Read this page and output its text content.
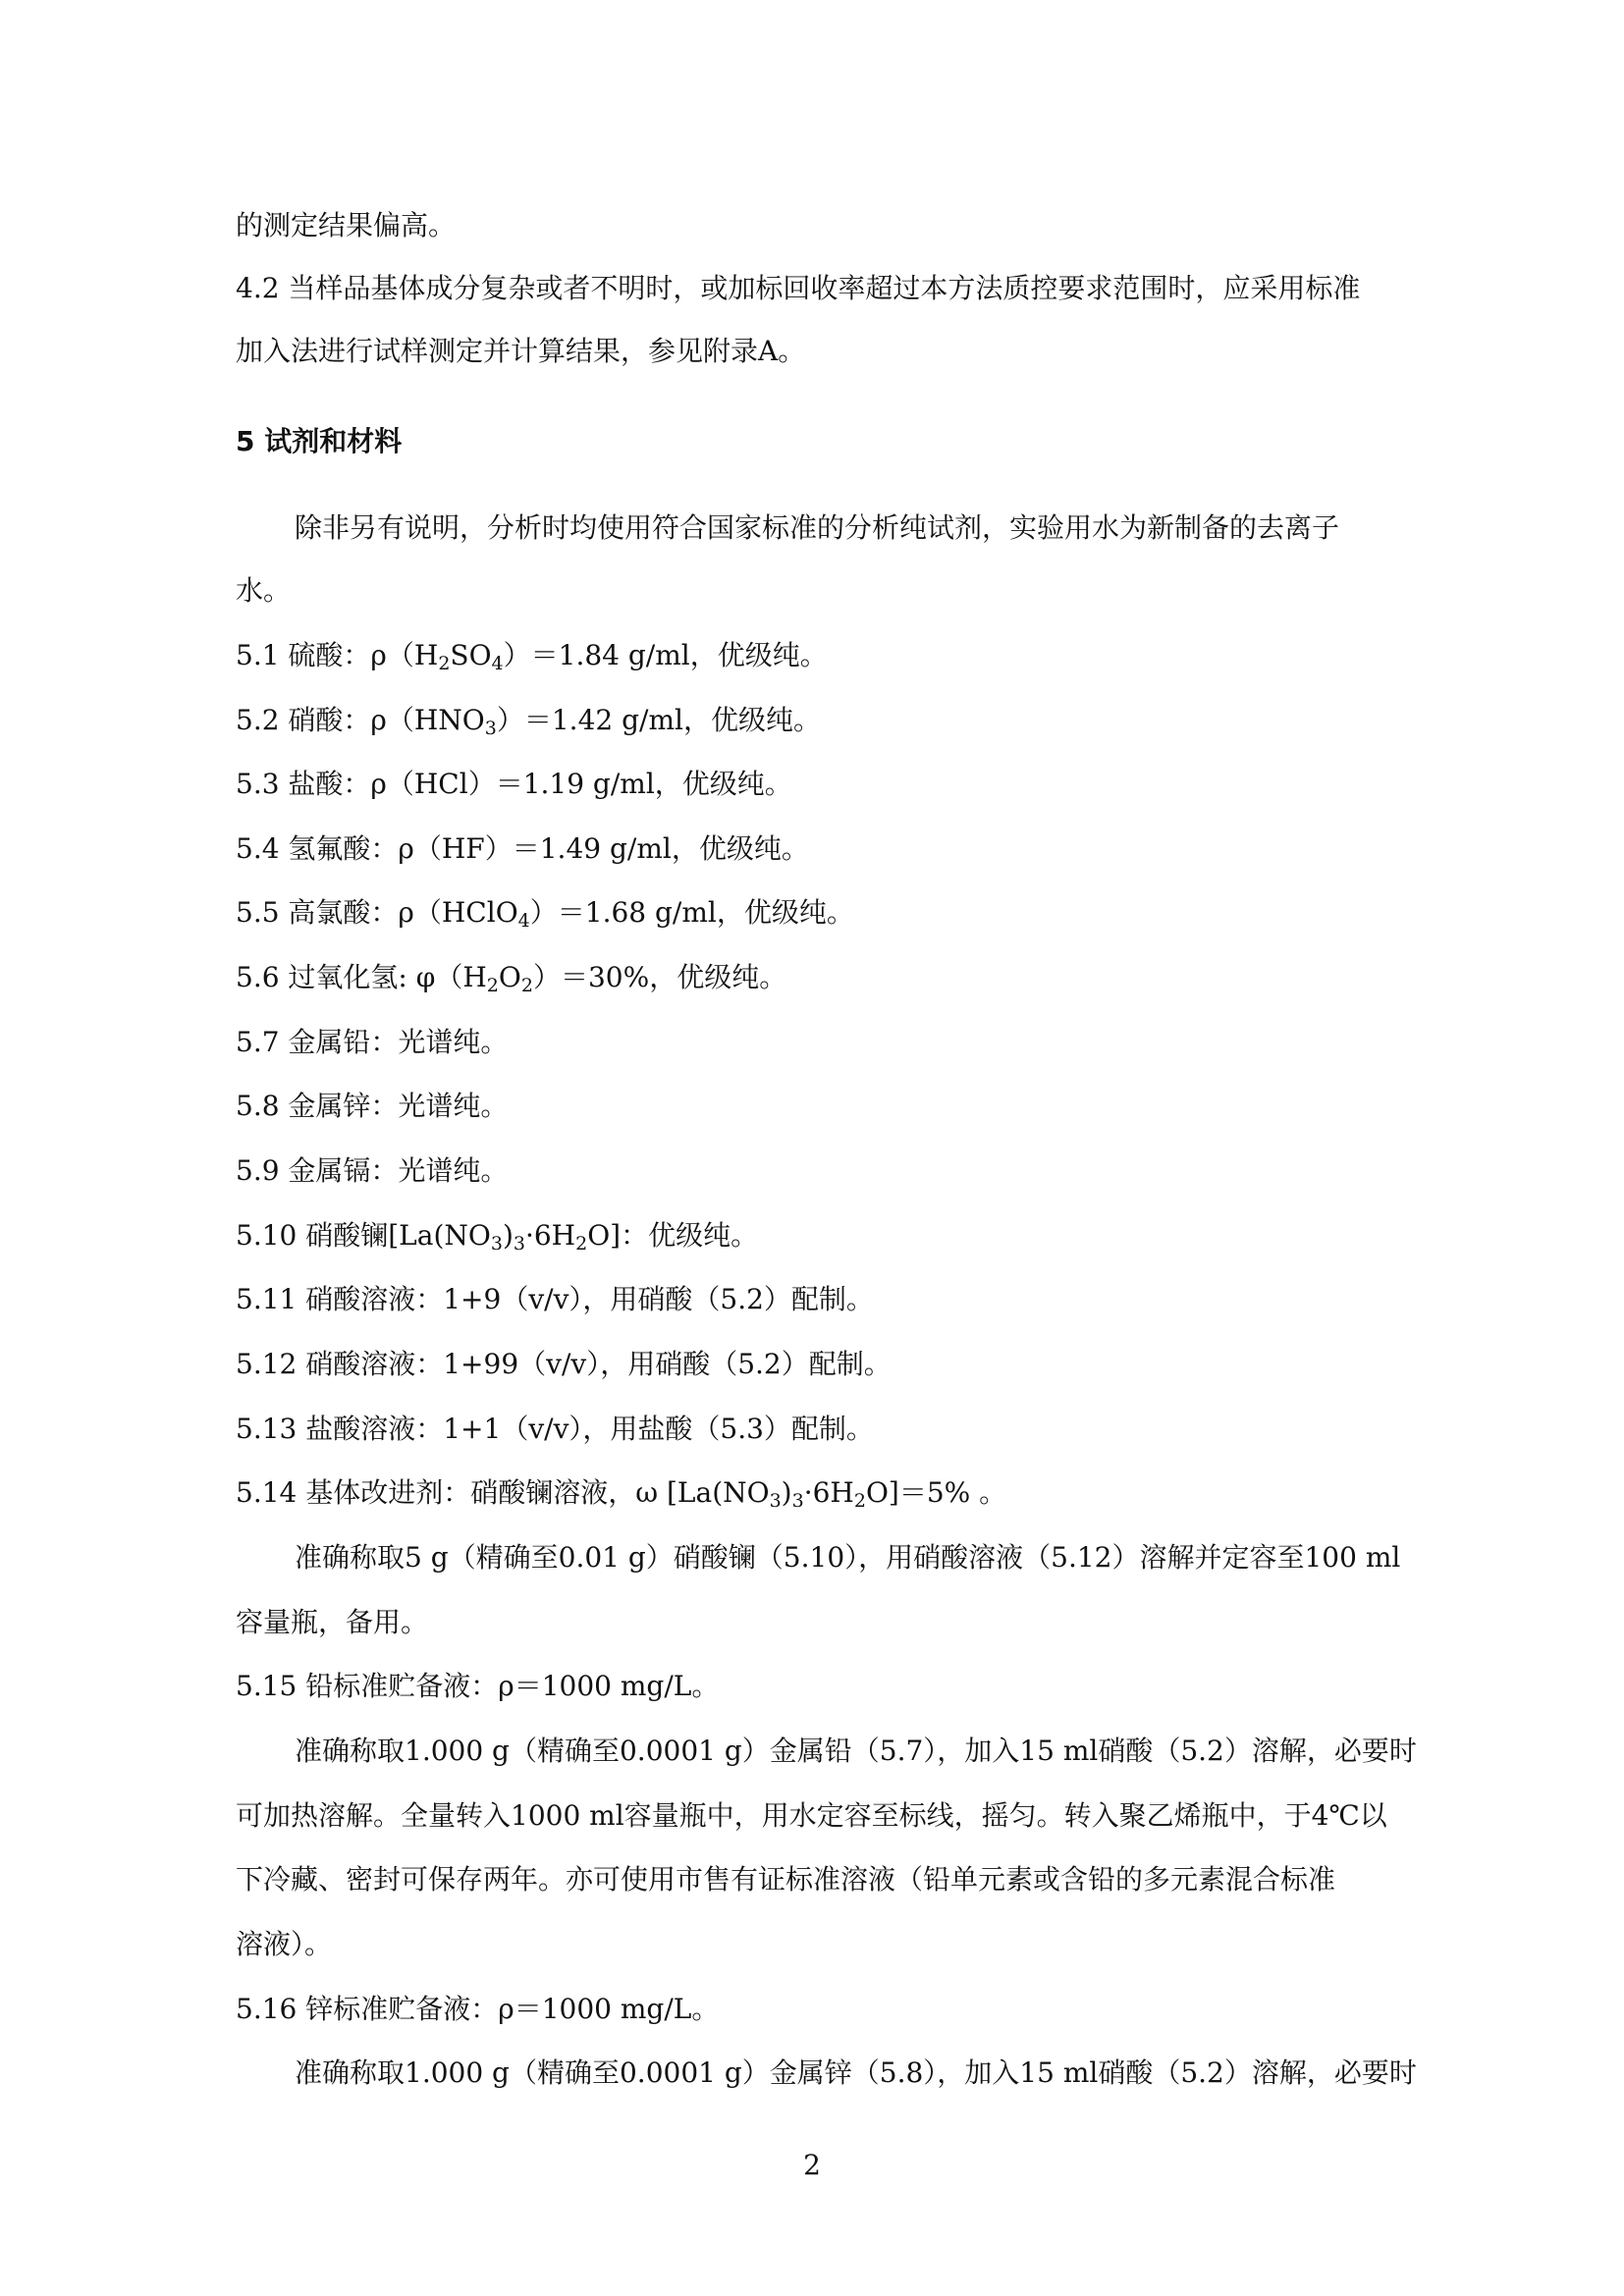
的测定结果偏高。
4.2 当样品基体成分复杂或者不明时，或加标回收率超过本方法质控要求范围时，应采用标准
加入法进行试样测定并计算结果，参见附录A。
5 试剂和材料
除非另有说明，分析时均使用符合国家标准的分析纯试剂，实验用水为新制备的去离子
水。
5.1 硫酸：$\rho(H_2SO_4)=1.84$ g/ml，优级纯。
5.2 硝酸：$\rho(HNO_3)=1.42$ g/ml，优级纯。
5.3 盐酸：ρ（HCl）＝1.19 g/ml，优级纯。
5.4 氢氟酸：ρ（HF）＝1.49 g/ml，优级纯。
5.5 高氯酸：ρ（HClO$_4$）＝1.68 g/ml，优级纯。
5.6 过氧化氢: $\varphi(H_2O_2)=30\%$，优级纯。
5.7 金属铅：光谱纯。
5.8 金属锌：光谱纯。
5.9 金属镉：光谱纯。
5.10 硝酸镧$[La(NO_3)_3\cdot 6H_2O]$：优级纯。
5.11 硝酸溶液：1+9（v/v），用硝酸（5.2）配制。
5.12 硝酸溶液：1+99（v/v），用硝酸（5.2）配制。
5.13 盐酸溶液：1+1（v/v），用盐酸（5.3）配制。
5.14 基体改进剂：硝酸镧溶液，ω $[La(NO_3)_3\cdot 6H_2O]=5\%$ 。
准确称取5 g（精确至0.01 g）硝酸镧（5.10），用硝酸溶液（5.12）溶解并定容至100 ml
容量瓶，备用。
5.15 铅标准贮备液：ρ＝1000 mg/L。
准确称取1.000 g（精确至0.0001 g）金属铅（5.7），加入15 ml硝酸（5.2）溶解，必要时
可加热溶解。全量转入1000 ml容量瓶中，用水定容至标线，摇匀。转入聚乙烯瓶中，于4℃以
下冷藏、密封可保存两年。亦可使用市售有证标准溶液（铅单元素或含铅的多元素混合标准
溶液）。
5.16 锌标准贮备液：ρ＝1000 mg/L。
准确称取1.000 g（精确至0.0001 g）金属锌（5.8），加入15 ml硝酸（5.2）溶解，必要时
2
